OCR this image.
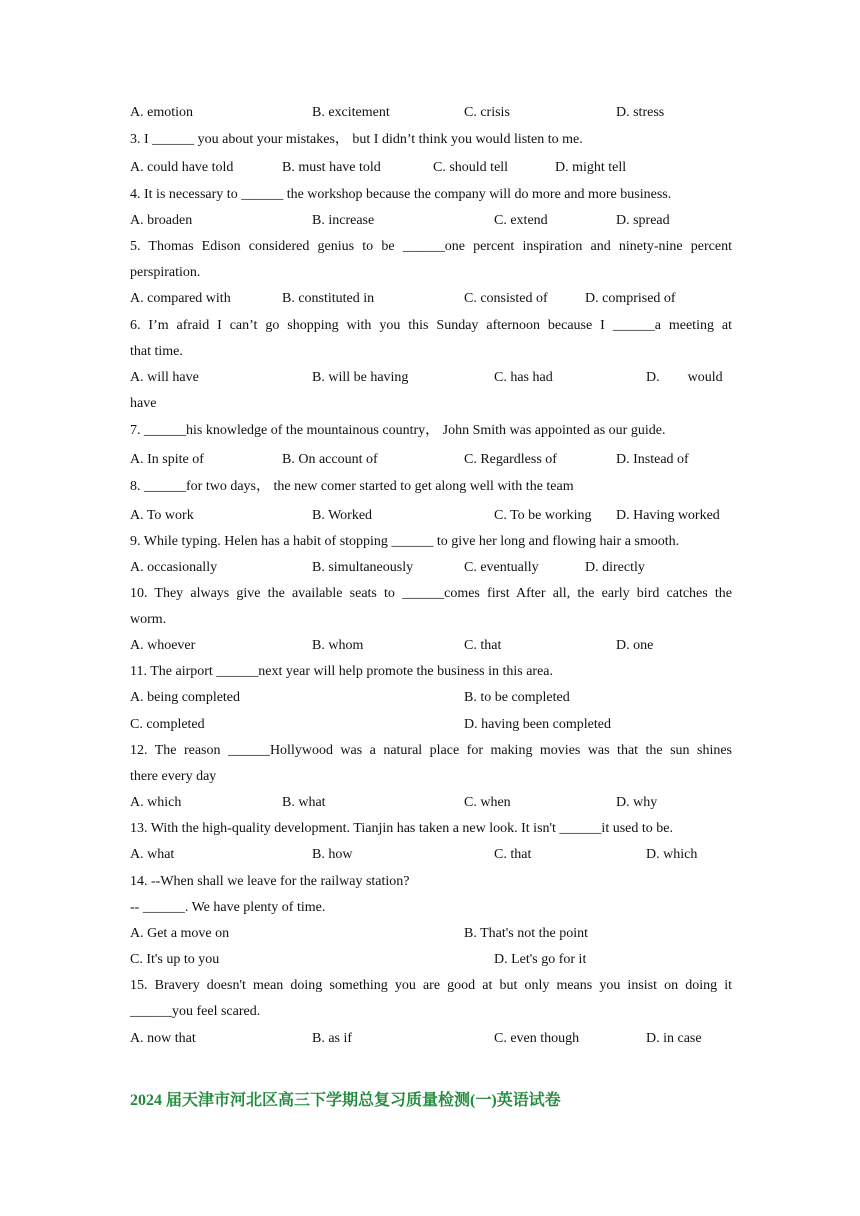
A. emotion	B. excitement	C. crisis	D. stress
3. I ______ you about your mistakes， but I didn’t think you would listen to me.
A. could have told	B. must have told	C. should tell	D. might tell
4. It is necessary to ______ the workshop because the company will do more and more business.
A. broaden	B. increase	C. extend	D. spread
5. Thomas Edison considered genius to be ______one percent inspiration and ninety-nine percent
perspiration.
A. compared with	B. constituted in	C. consisted of	D. comprised of
6. I’m afraid I can’t go shopping with you this Sunday afternoon because I ______a meeting at
that time.
A. will have	B. will be having	C. has had	D.        would
have
7. ______his knowledge of the mountainous country， John Smith was appointed as our guide.
A. In spite of	B. On account of	C. Regardless of	D. Instead of
8. ______for two days， the new comer started to get along well with the team
A. To work	B. Worked	C. To be working D. Having worked
9. While typing. Helen has a habit of stopping ______ to give her long and flowing hair a smooth.
A. occasionally	B. simultaneously	C. eventually	D. directly
10. They always give the available seats to ______comes first After all, the early bird catches the
worm.
A. whoever	B. whom	C. that	D. one
11. The airport ______next year will help promote the business in this area.
A. being completed	B. to be completed
C. completed	D. having been completed
12. The reason ______Hollywood was a natural place for making movies was that the sun shines
there every day
A. which	B. what	C. when	D. why
13. With the high-quality development. Tianjin has taken a new look. It isn't ______it used to be.
A. what	B. how	C. that	D. which
14. --When shall we leave for the railway station?
-- ______. We have plenty of time.
A. Get a move on	B. That's not the point
C. It's up to you	D. Let's go for it
15. Bravery doesn't mean doing something you are good at but only means you insist on doing it
______you feel scared.
A. now that	B. as if	C. even though	D. in case
2024 届天津市河北区高三下学期总复习质量检测(一)英语试卷
